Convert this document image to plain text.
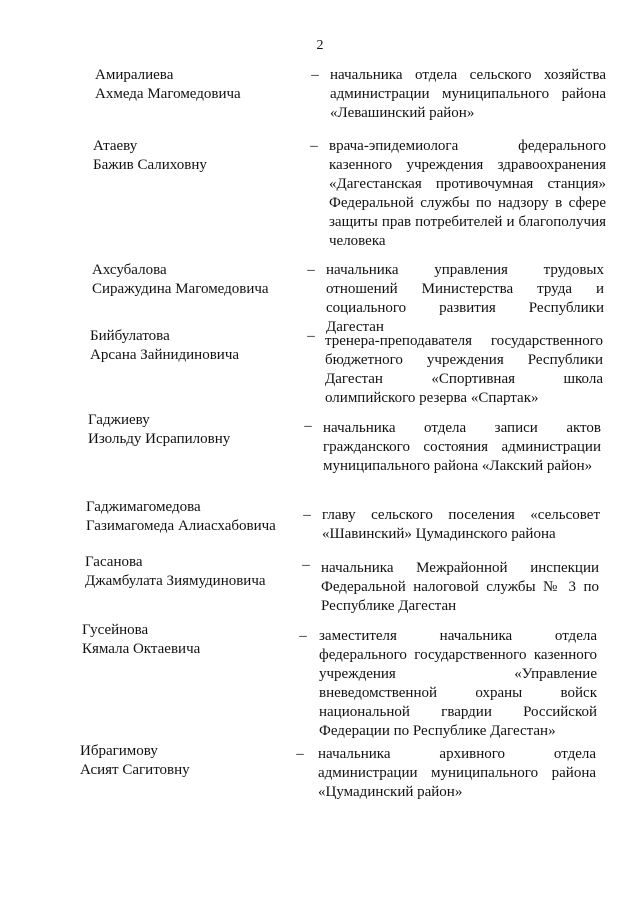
2
Амиралиева
Ахмеда Магомедовича
– начальника отдела сельского хозяйства администрации муниципального района «Левашинский район»
Атаеву
Бажив Салиховну
– врача-эпидемиолога федерального казенного учреждения здравоохранения «Дагестанская противочумная станция» Федеральной службы по надзору в сфере защиты прав потребителей и благополучия человека
Ахсубалова
Сиражудина Магомедовича
– начальника управления трудовых отношений Министерства труда и социального развития Республики Дагестан
Бийбулатова
Арсана Зайнидиновича
– тренера-преподавателя государственного бюджетного учреждения Республики Дагестан «Спортивная школа олимпийского резерва «Спартак»
Гаджиеву
Изольду Исрапиловну
– начальника отдела записи актов гражданского состояния администрации муниципального района «Лакский район»
Гаджимагомедова
Газимагомеда Алиасхабовича
– главу сельского поселения «сельсовет «Шавинский» Цумадинского района
Гасанова
Джамбулата Зиямудиновича
– начальника Межрайонной инспекции Федеральной налоговой службы № 3 по Республике Дагестан
Гусейнова
Кямала Октаевича
– заместителя начальника отдела федерального государственного казенного учреждения «Управление вневедомственной охраны войск национальной гвардии Российской Федерации по Республике Дагестан»
Ибрагимову
Асият Сагитовну
– начальника архивного отдела администрации муниципального района «Цумадинский район»
